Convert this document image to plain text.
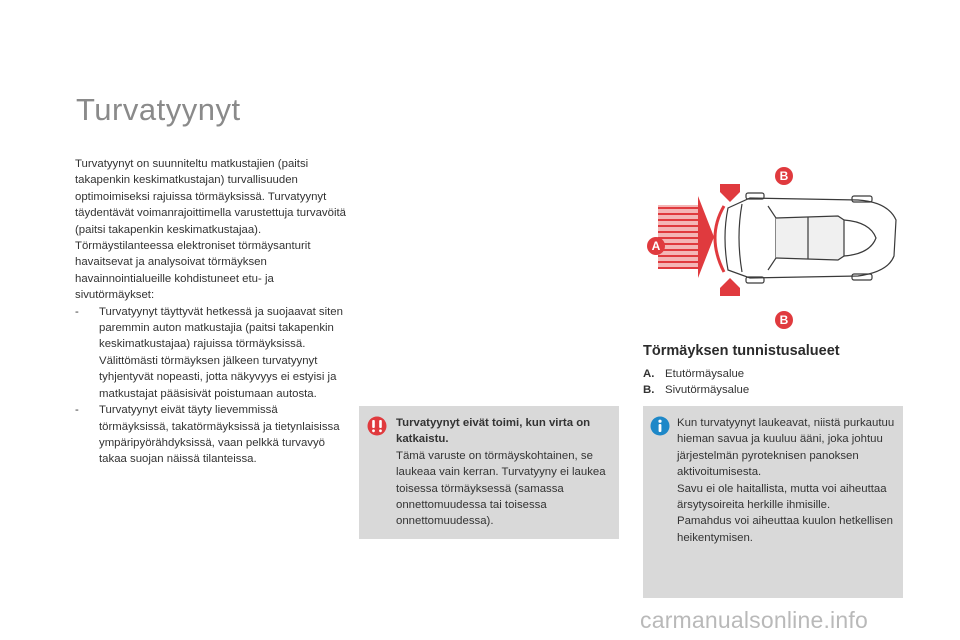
Turvatyynyt

Turvatyynyt on suunniteltu matkustajien (paitsi takapenkin keskimatkustajan) turvallisuuden optimoimiseksi rajuissa törmäyksissä. Turvatyynyt täydentävät voimanrajoittimella varustettuja turvavöitä (paitsi takapenkin keskimatkustajaa).

Törmäystilanteessa elektroniset törmäysanturit havaitsevat ja analysoivat törmäyksen havainnointialueille kohdistuneet etu- ja sivutörmäykset:

- Turvatyynyt täyttyvät hetkessä ja suojaavat siten paremmin auton matkustajia (paitsi takapenkin keskimatkustajaa) rajuissa törmäyksissä. Välittömästi törmäyksen jälkeen turvatyynyt tyhjentyvät nopeasti, jotta näkyvyys ei estyisi ja matkustajat pääsisivät poistumaan autosta.
- Turvatyynyt eivät täyty lievemmissä törmäyksissä, takatörmäyksissä ja tietynlaisissa ympäripyörähdyksissä, vaan pelkkä turvavyö takaa suojan näissä tilanteissa.
A
B
B
Törmäyksen tunnistusalueet
A. Etutörmäysalue
B. Sivutörmäysalue

Turvatyynyt eivät toimi, kun virta on katkaistu.

Tämä varuste on törmäyskohtainen, se laukeaa vain kerran. Turvatyyny ei laukea toisessa törmäyksessä (samassa onnettomuudessa tai toisessa onnettomuudessa).

Kun turvatyynyt laukeavat, niistä purkautuu hieman savua ja kuuluu ääni, joka johtuu järjestelmän pyroteknisen panoksen aktivoitumisesta.

Savu ei ole haitallista, mutta voi aiheuttaa ärsytysoireita herkille ihmisille.

Pamahdus voi aiheuttaa kuulon hetkellisen heikentymisen.

carmanualsonline.info
